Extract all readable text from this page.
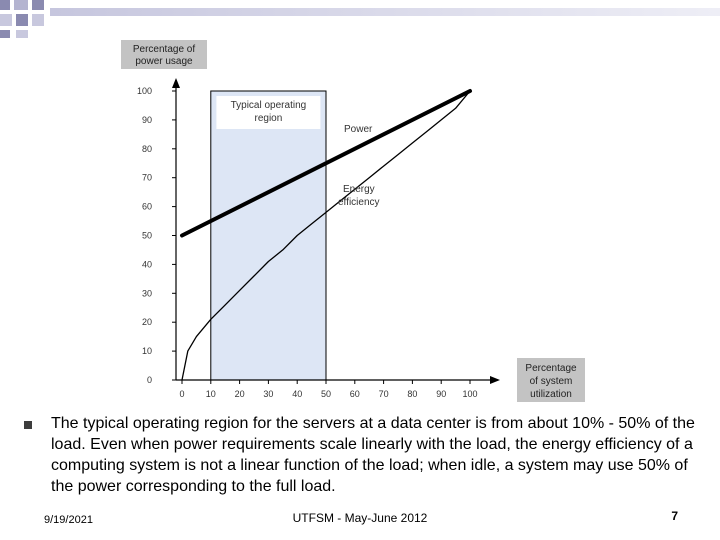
Typical operating
region
0
10
20
30
40
50
60
70
80
90
100
0 10 20 30 40 50 60 70 80 90 100
Percentage of
power usage
Percentage
of system
utilization
Power
Energy
efficiency
The typical operating region for the servers at a data center is from about 10% - 50% of the load. Even when power requirements scale linearly with the load, the energy efficiency of a computing system is not a linear function of the load; when idle, a system may use 50% of the power corresponding to the full load.
9/19/2021	UTFSM - May-June 2012	7
